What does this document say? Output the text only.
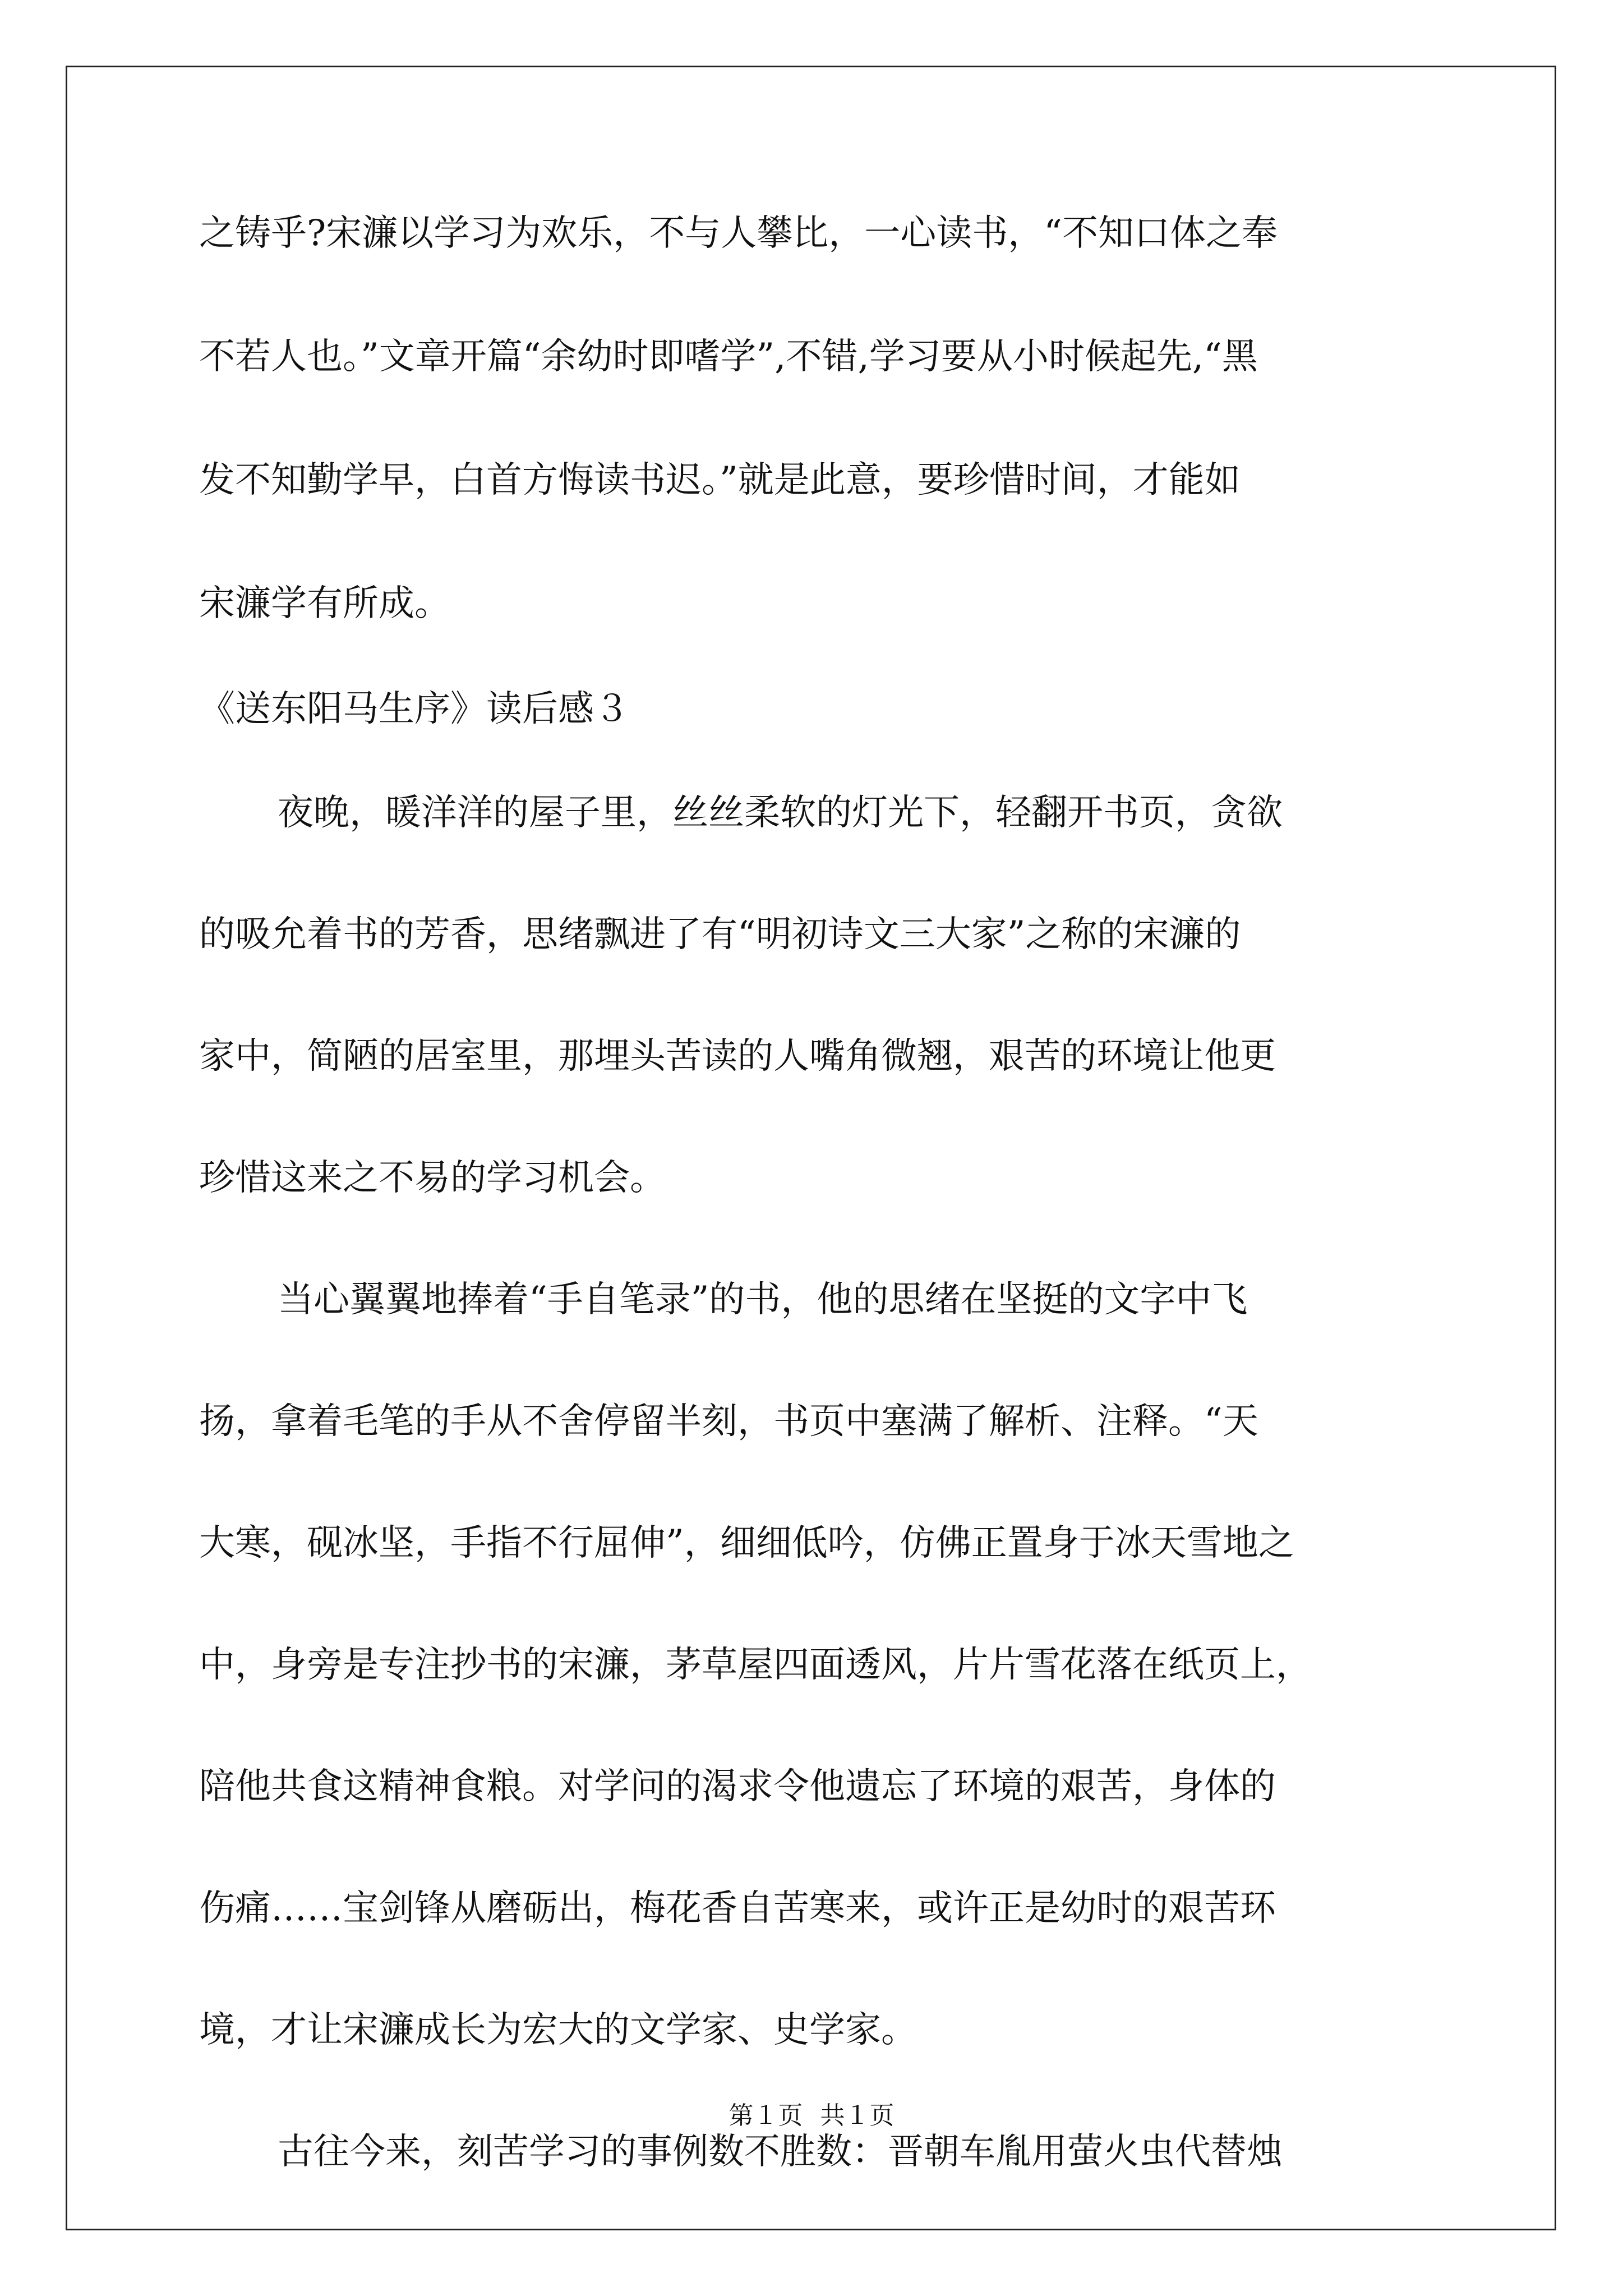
之铸乎?宋濂以学习为欢乐，不与人攀比，一心读书，“不知口体之奉
不若人也。”文章开篇“余幼时即嗜学”,不错,学习要从小时候起先,“黑
发不知勤学早，白首方悔读书迟。”就是此意，要珍惜时间，才能如
宋濂学有所成。
《送东阳马生序》读后感３
夜晚，暖洋洋的屋子里，丝丝柔软的灯光下，轻翻开书页，贪欲
的吸允着书的芳香，思绪飘进了有“明初诗文三大家”之称的宋濂的
家中，简陋的居室里，那埋头苦读的人嘴角微翘，艰苦的环境让他更
珍惜这来之不易的学习机会。
当心翼翼地捧着“手自笔录”的书，他的思绪在坚挺的文字中飞
扬，拿着毛笔的手从不舍停留半刻，书页中塞满了解析、注释。“天
大寒，砚冰坚，手指不行屈伸”，细细低吟，仿佛正置身于冰天雪地之
中，身旁是专注抄书的宋濂，茅草屋四面透风，片片雪花落在纸页上，
陪他共食这精神食粮。对学问的渴求令他遗忘了环境的艰苦，身体的
伤痛……宝剑锋从磨砺出，梅花香自苦寒来，或许正是幼时的艰苦环
境，才让宋濂成长为宏大的文学家、史学家。
古往今来，刻苦学习的事例数不胜数：晋朝车胤用萤火虫代替烛
第１页 共１页
